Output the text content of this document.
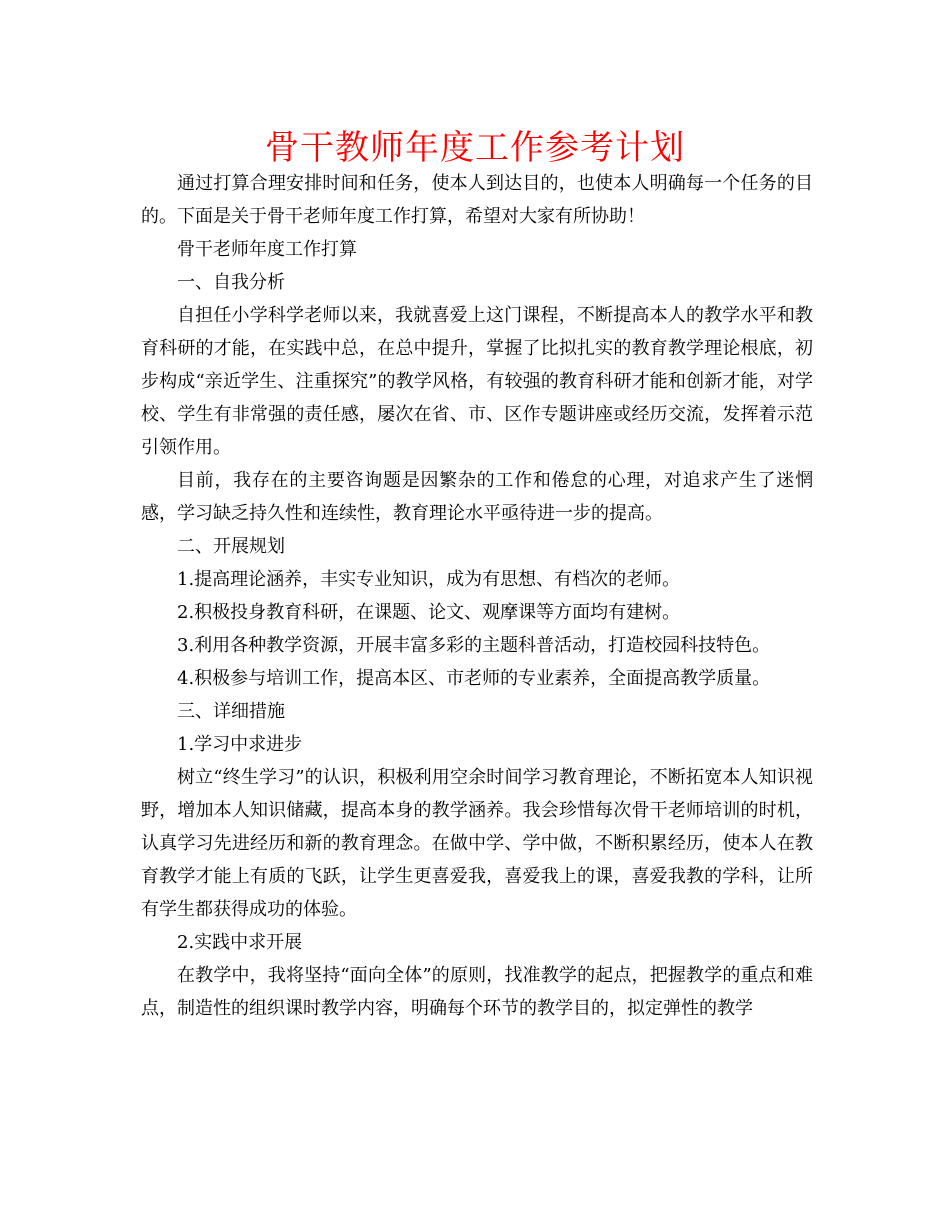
骨干教师年度工作参考计划

通过打算合理安排时间和任务，使本人到达目的，也使本人明确每一个任务的目的。下面是关于骨干老师年度工作打算，希望对大家有所协助！

骨干老师年度工作打算

一、自我分析

自担任小学科学老师以来，我就喜爱上这门课程，不断提高本人的教学水平和教育科研的才能，在实践中总，在总中提升，掌握了比拟扎实的教育教学理论根底，初步构成“亲近学生、注重探究”的教学风格，有较强的教育科研才能和创新才能，对学校、学生有非常强的责任感，屡次在省、市、区作专题讲座或经历交流，发挥着示范引领作用。

目前，我存在的主要咨询题是因繁杂的工作和倦怠的心理，对追求产生了迷惘感，学习缺乏持久性和连续性，教育理论水平亟待进一步的提高。

二、开展规划

1.提高理论涵养，丰实专业知识，成为有思想、有档次的老师。

2.积极投身教育科研，在课题、论文、观摩课等方面均有建树。

3.利用各种教学资源，开展丰富多彩的主题科普活动，打造校园科技特色。

4.积极参与培训工作，提高本区、市老师的专业素养，全面提高教学质量。

三、详细措施

1.学习中求进步

树立“终生学习”的认识，积极利用空余时间学习教育理论，不断拓宽本人知识视野，增加本人知识储藏，提高本身的教学涵养。我会珍惜每次骨干老师培训的时机，认真学习先进经历和新的教育理念。在做中学、学中做，不断积累经历，使本人在教育教学才能上有质的飞跃，让学生更喜爱我，喜爱我上的课，喜爱我教的学科，让所有学生都获得成功的体验。

2.实践中求开展

在教学中，我将坚持“面向全体”的原则，找准教学的起点，把握教学的重点和难点，制造性的组织课时教学内容，明确每个环节的教学目的，拟定弹性的教学
